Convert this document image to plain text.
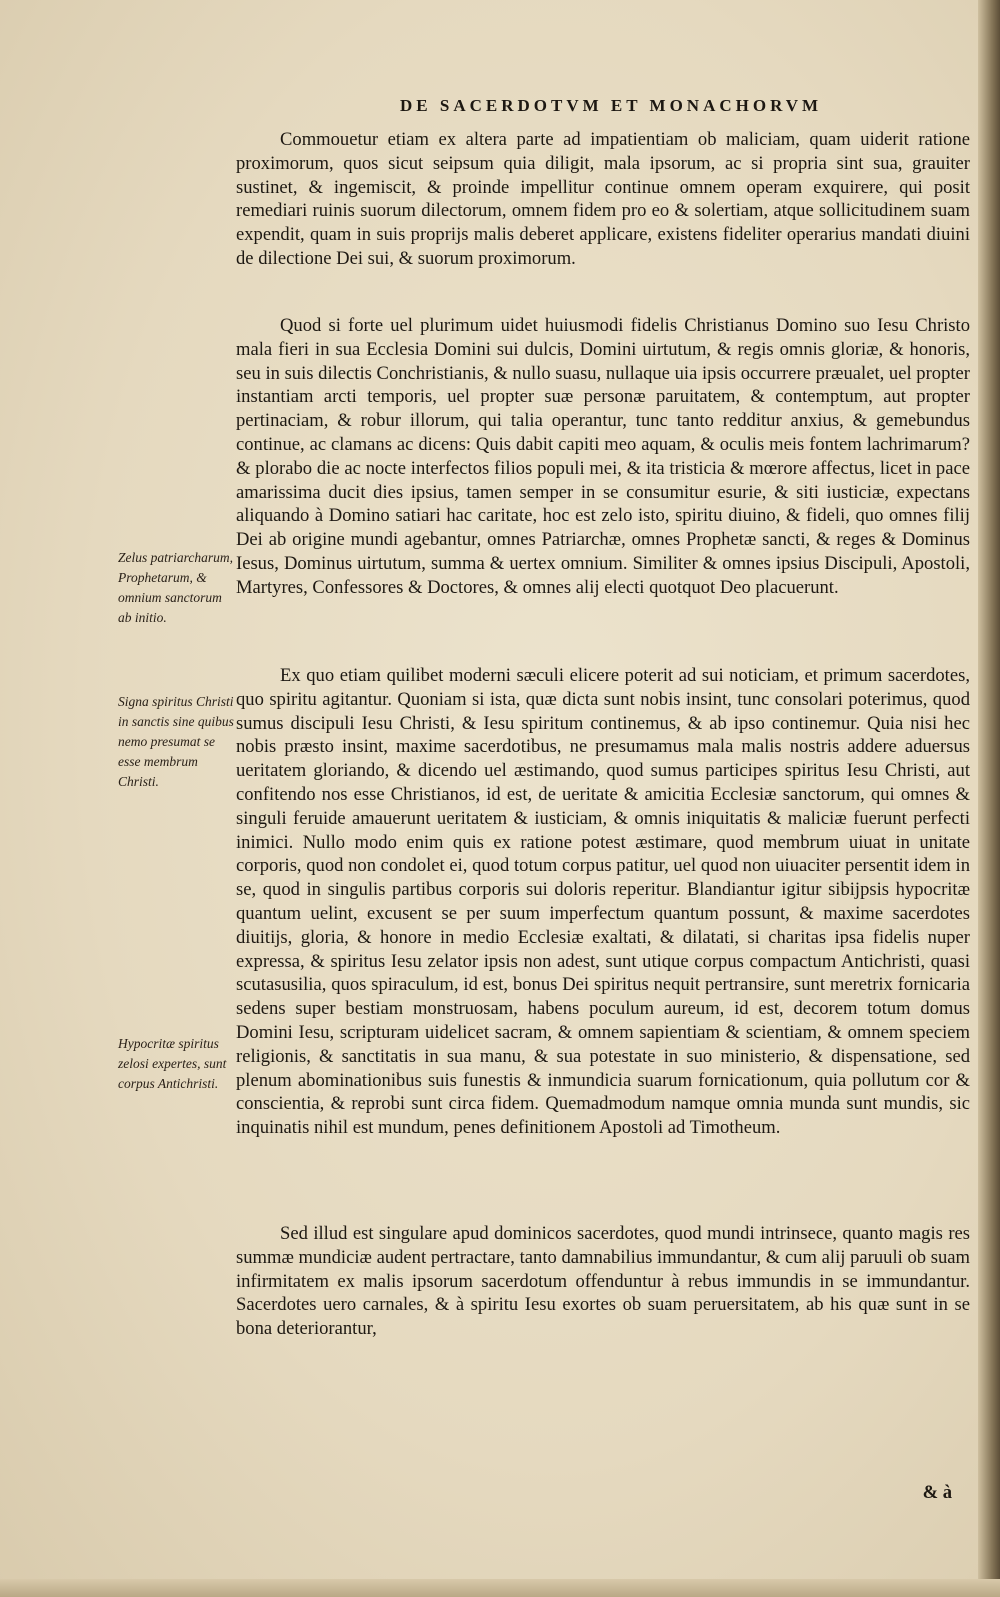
DE SACERDOTVM ET MONACHORVM

Commouetur etiam ex altera parte ad impatientiam ob maliciam, quam uiderit ratione proximorum, quos sicut seipsum quia diligit, mala ipsorum, ac si propria sint sua, grauiter sustinet, & ingemiscit, & proinde impellitur continue omnem operam exquirere, qui posit remediari ruinis suorum dilectorum, omnem fidem pro eo & solertiam, atque sollicitudinem suam expendit, quam in suis proprijs malis deberet applicare, existens fideliter operarius mandati diuini de dilectione Dei sui, & suorum proximorum.

Quod si forte uel plurimum uidet huiusmodi fidelis Christianus Domino suo Iesu Christo mala fieri in sua Ecclesia Domini sui dulcis, Domini uirtutum, & regis omnis gloriæ, & honoris, seu in suis dilectis Conchristianis, & nullo suasu, nullaque uia ipsis occurrere præualet, uel propter instantiam arcti temporis, uel propter suæ personæ paruitatem, & contemptum, aut propter pertinaciam, & robur illorum, qui talia operantur, tunc tanto redditur anxius, & gemebundus continue, ac clamans ac dicens: Quis dabit capiti meo aquam, & oculis meis fontem lachrimarum? & plorabo die ac nocte interfectos filios populi mei, & ita tristicia & mœrore affectus, licet in pace amarissima ducit dies ipsius, tamen semper in se consumitur esurie, & siti iusticiæ, expectans aliquando à Domino satiari hac caritate, hoc est zelo isto, spiritu diuino, & fideli, quo omnes filij Dei ab origine mundi agebantur, omnes Patriarchæ, omnes Prophetæ sancti, & reges & Dominus Iesus, Dominus uirtutum, summa & uertex omnium. Similiter & omnes ipsius Discipuli, Apostoli, Martyres, Confessores & Doctores, & omnes alij electi quotquot Deo placuerunt.

Ex quo etiam quilibet moderni sæculi elicere poterit ad sui noticiam, et primum sacerdotes, quo spiritu agitantur. Quoniam si ista, quæ dicta sunt nobis insint, tunc consolari poterimus, quod sumus discipuli Iesu Christi, & Iesu spiritum continemus, & ab ipso continemur. Quia nisi hec nobis præsto insint, maxime sacerdotibus, ne presumamus mala malis nostris addere aduersus ueritatem gloriando, & dicendo uel æstimando, quod sumus participes spiritus Iesu Christi, aut confitendo nos esse Christianos, id est, de ueritate & amicitia Ecclesiæ sanctorum, qui omnes & singuli feruide amauerunt ueritatem & iusticiam, & omnis iniquitatis & maliciæ fuerunt perfecti inimici. Nullo modo enim quis ex ratione potest æstimare, quod membrum uiuat in unitate corporis, quod non condolet ei, quod totum corpus patitur, uel quod non uiuaciter persentit idem in se, quod in singulis partibus corporis sui doloris reperitur. Blandiantur igitur sibijpsis hypocritæ quantum uelint, excusent se per suum imperfectum quantum possunt, & maxime sacerdotes diuitijs, gloria, & honore in medio Ecclesiæ exaltati, & dilatati, si charitas ipsa fidelis nuper expressa, & spiritus Iesu zelator ipsis non adest, sunt utique corpus compactum Antichristi, quasi scutasusilia, quos spiraculum, id est, bonus Dei spiritus nequit pertransire, sunt meretrix fornicaria sedens super bestiam monstruosam, habens poculum aureum, id est, decorem totum domus Domini Iesu, scripturam uidelicet sacram, & omnem sapientiam & scientiam, & omnem speciem religionis, & sanctitatis in sua manu, & sua potestate in suo ministerio, & dispensatione, sed plenum abominationibus suis funestis & inmundicia suarum fornicationum, quia pollutum cor & conscientia, & reprobi sunt circa fidem. Quemadmodum namque omnia munda sunt mundis, sic inquinatis nihil est mundum, penes definitionem Apostoli ad Timotheum.

Sed illud est singulare apud dominicos sacerdotes, quod mundi intrinsece, quanto magis res summæ mundiciæ audent pertractare, tanto damnabilius immundantur, & cum alij paruuli ob suam infirmitatem ex malis ipsorum sacerdotum offenduntur à rebus immundis in se immundantur. Sacerdotes uero carnales, & à spiritu Iesu exortes ob suam peruersitatem, ab his quæ sunt in se bona deteriorantur,

Zelus patriarcharum, Prophetarum, & omnium sanctorum ab initio.
Signa spiritus Christi in sanctis sine quibus nemo presumat se esse membrum Christi.
Hypocritæ spiritus zelosi expertes, sunt corpus Antichristi.
& à
